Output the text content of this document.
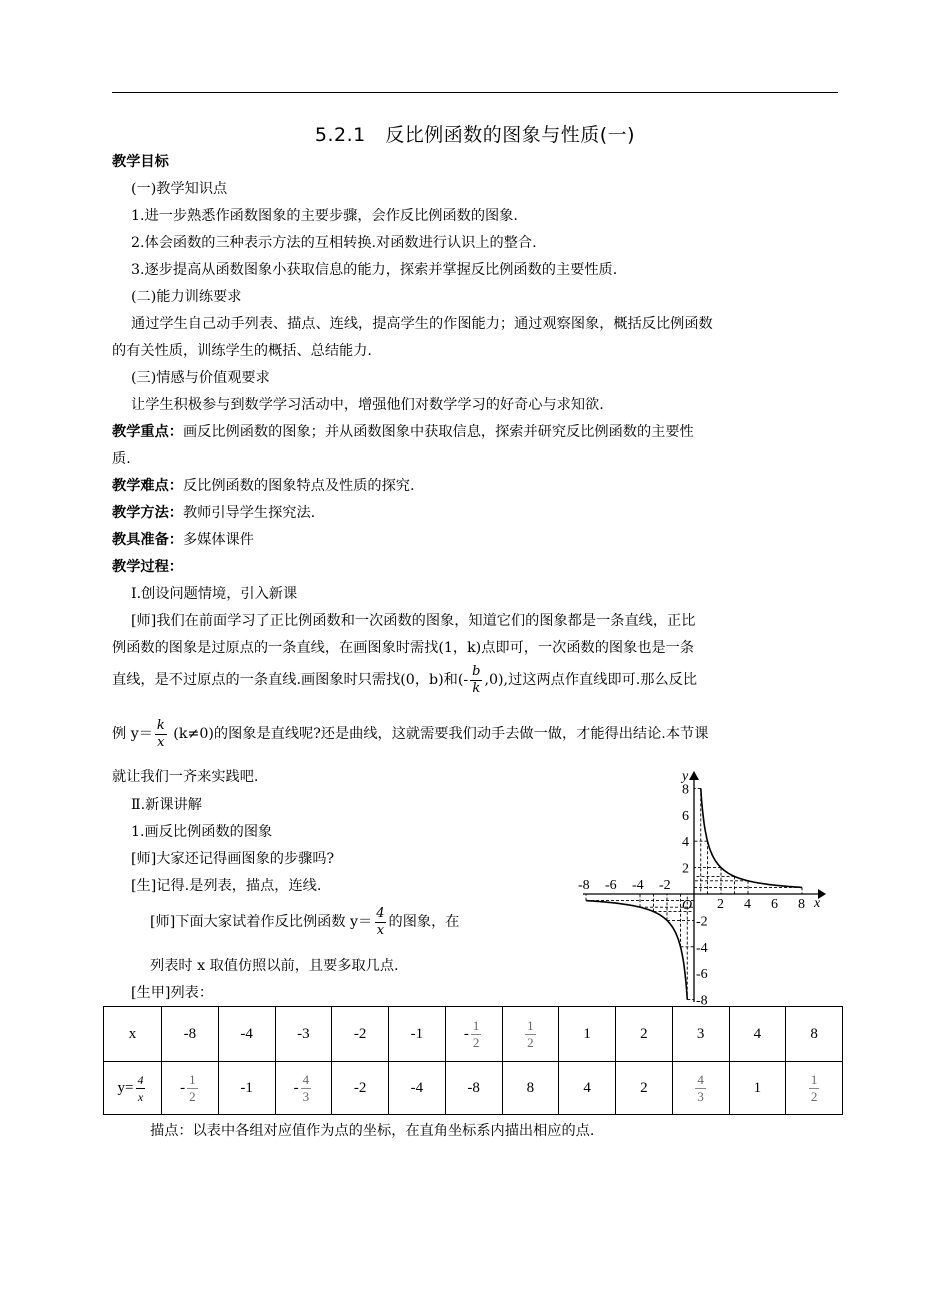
5.2.1　反比例函数的图象与性质(一)
教学目标
(一)教学知识点
1.进一步熟悉作函数图象的主要步骤，会作反比例函数的图象.
2.体会函数的三种表示方法的互相转换.对函数进行认识上的整合.
3.逐步提高从函数图象小获取信息的能力，探索并掌握反比例函数的主要性质.
(二)能力训练要求
通过学生自己动手列表、描点、连线，提高学生的作图能力；通过观察图象，概括反比例函数
的有关性质，训练学生的概括、总结能力.
(三)情感与价值观要求
让学生积极参与到数学学习活动中，增强他们对数学学习的好奇心与求知欲.
教学重点：画反比例函数的图象；并从函数图象中获取信息，探索并研究反比例函数的主要性
质.
教学难点：反比例函数的图象特点及性质的探究.
教学方法：教师引导学生探究法.
教具准备：多媒体课件
教学过程：
Ⅰ.创设问题情境，引入新课
[师]我们在前面学习了正比例函数和一次函数的图象，知道它们的图象都是一条直线，正比
例函数的图象是过原点的一条直线，在画图象时需找(1，k)点即可，一次函数的图象也是一条
直线，是不过原点的一条直线.画图象时只需找(0，b)和(- $\frac{b}{k} ,0$),过这两点作直线即可.那么反比
例 $y= \frac{k}{x} (k\ne 0)$的图象是直线呢?还是曲线，这就需要我们动手去做一做，才能得出结论.本节课
就让我们一齐来实践吧.
Ⅱ.新课讲解
1.画反比例函数的图象
[师]大家还记得画图象的步骤吗?
[生]记得.是列表，描点，连线.
[师]下面大家试着作反比例函数 $y= \frac{4}{x}$ 的图象，在
列表时 x 取值仿照以前，且要多取几点.
[生甲]列表：
x	-8	-4	-3	-2	-1	- $\frac{1}{2}$	$\frac{1}{2}$	1	2	3	4	8
$y= \frac{4}{x}$	- $\frac{1}{2}$	-1	- $\frac{4}{3}$	-2	-4	-8	8	4	2	$\frac{4}{3}$	1	$\frac{1}{2}$
描点：以表中各组对应值作为点的坐标，在直角坐标系内描出相应的点.
-8 -6 -4 -2
2 4 6 8
8
6
4
2
-2
-4
-6
-8
x
y
O
